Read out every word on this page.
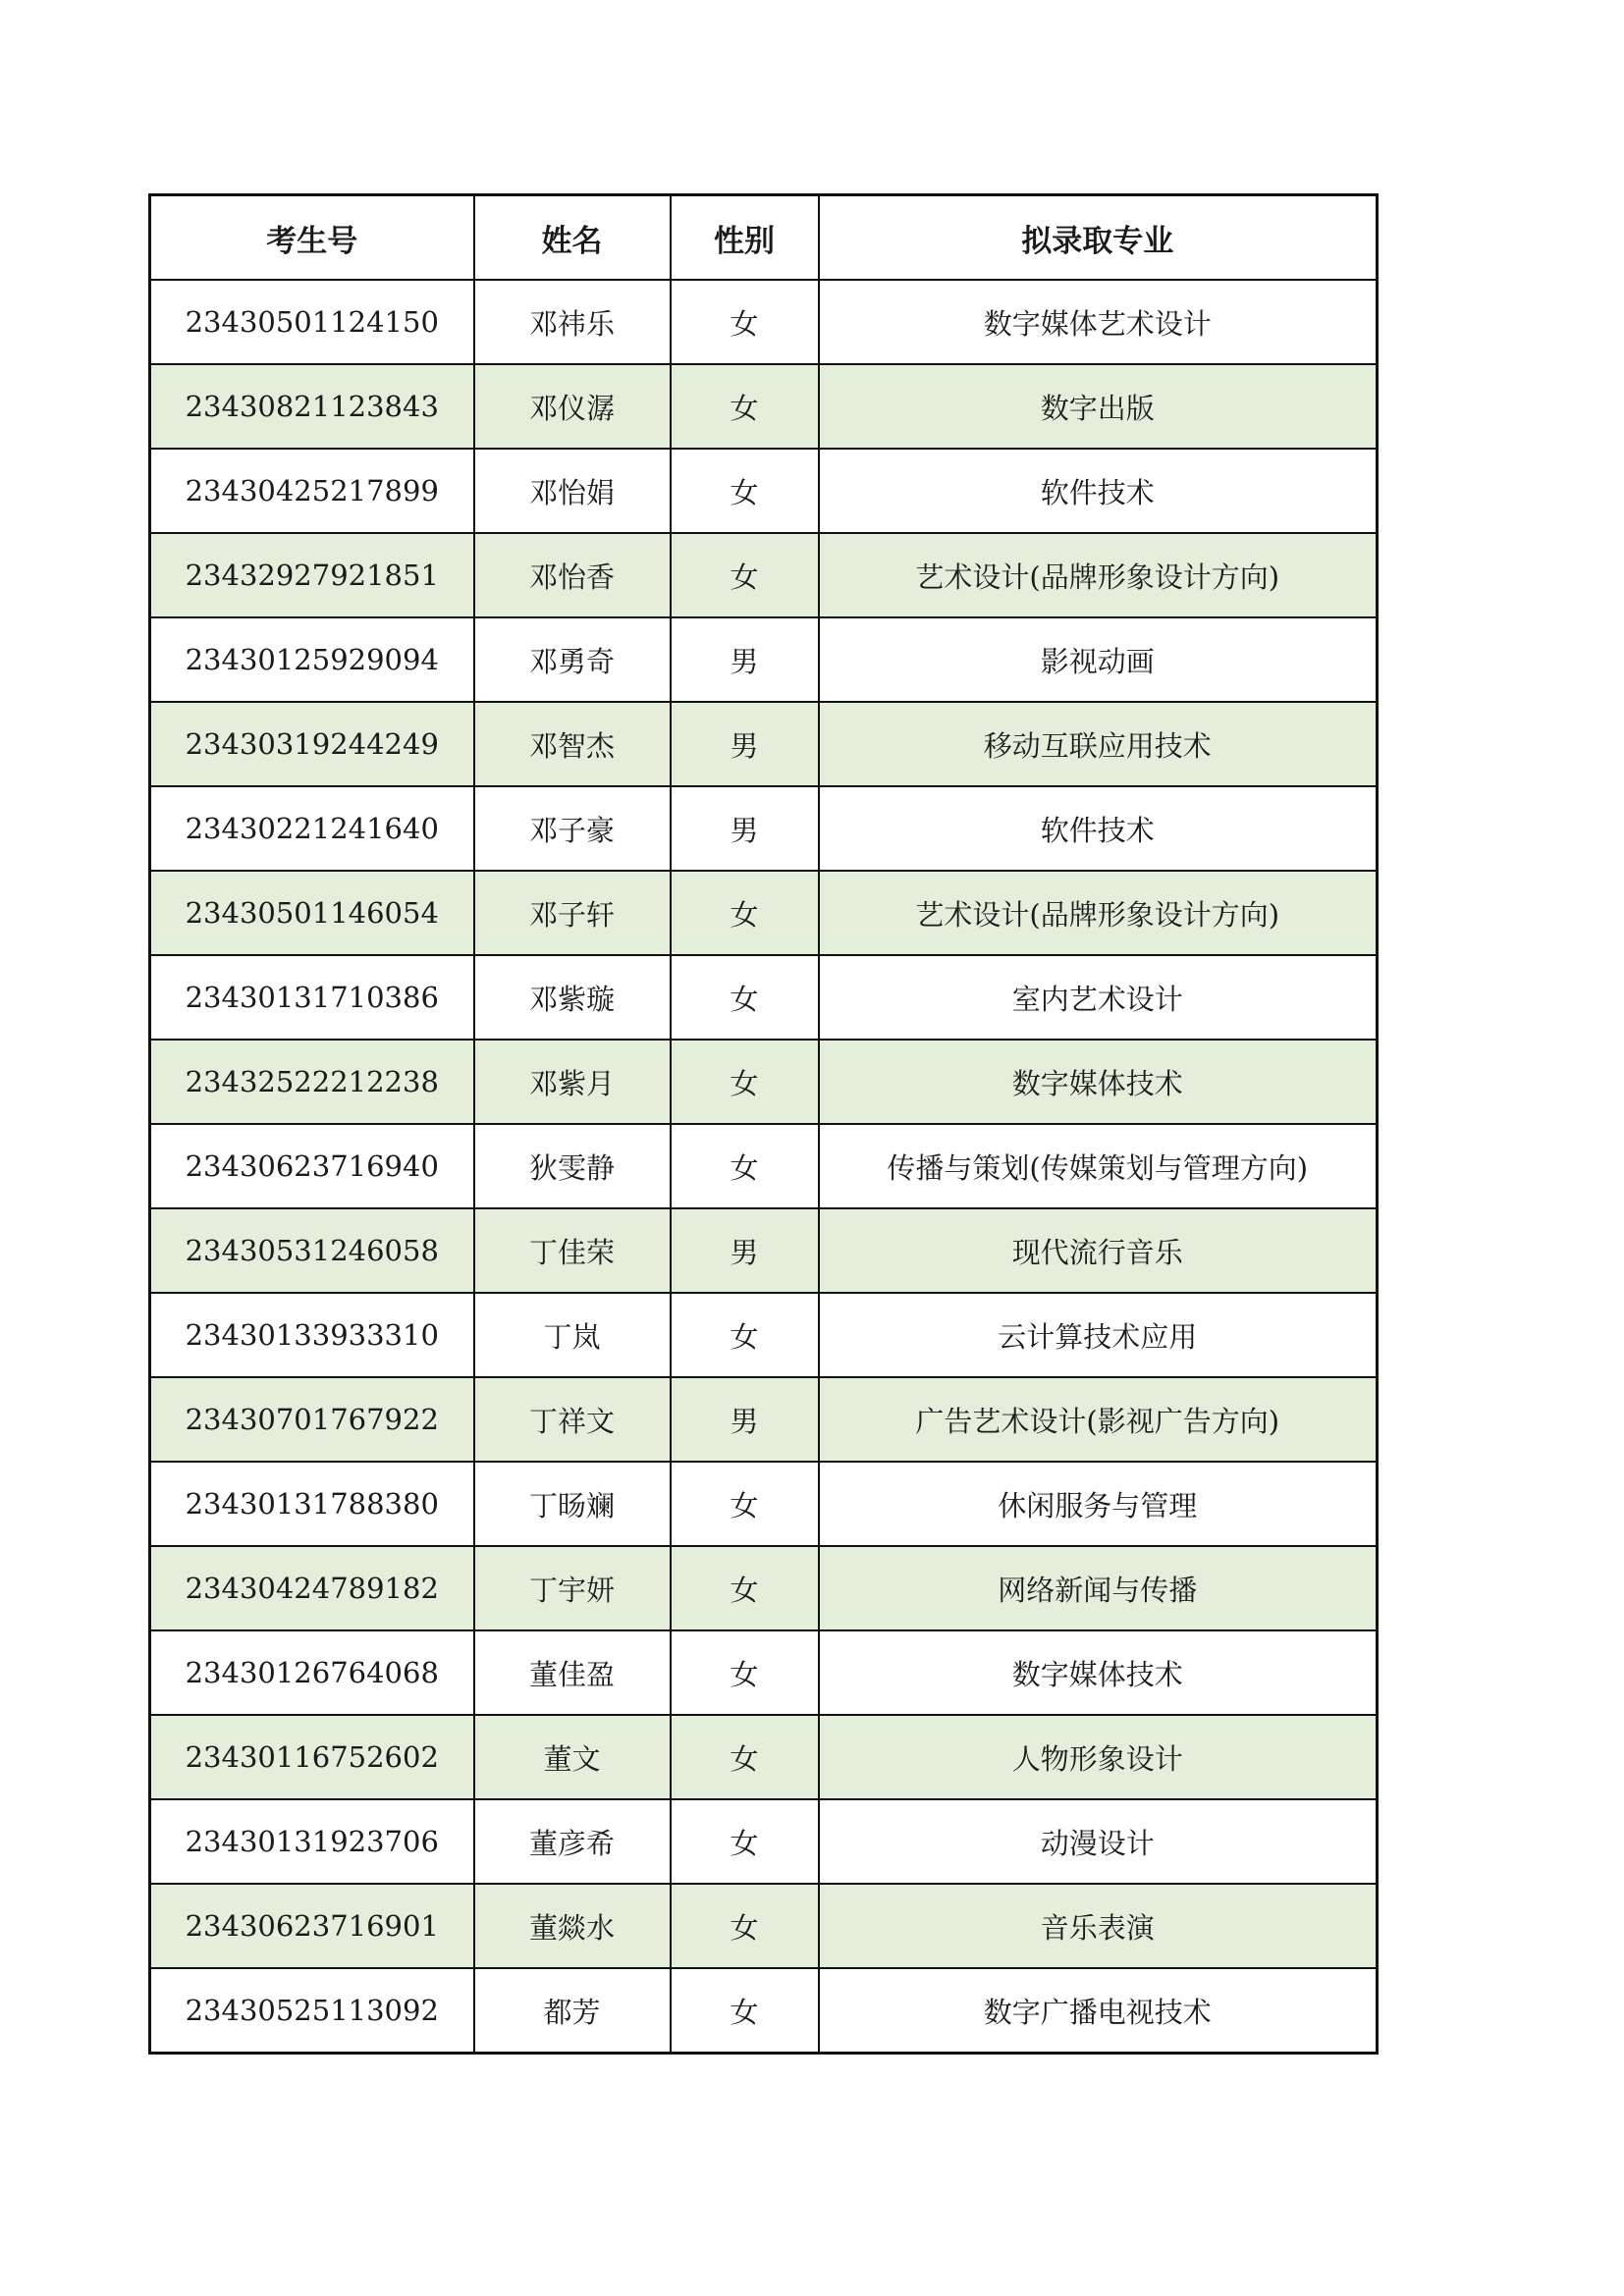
考生号	姓名	性别	拟录取专业
23430501124150	邓祎乐	女	数字媒体艺术设计
23430821123843	邓仪潺	女	数字出版
23430425217899	邓怡娟	女	软件技术
23432927921851	邓怡香	女	艺术设计(品牌形象设计方向)
23430125929094	邓勇奇	男	影视动画
23430319244249	邓智杰	男	移动互联应用技术
23430221241640	邓子豪	男	软件技术
23430501146054	邓子轩	女	艺术设计(品牌形象设计方向)
23430131710386	邓紫璇	女	室内艺术设计
23432522212238	邓紫月	女	数字媒体技术
23430623716940	狄雯静	女	传播与策划(传媒策划与管理方向)
23430531246058	丁佳荣	男	现代流行音乐
23430133933310	丁岚	女	云计算技术应用
23430701767922	丁祥文	男	广告艺术设计(影视广告方向)
23430131788380	丁旸斓	女	休闲服务与管理
23430424789182	丁宇妍	女	网络新闻与传播
23430126764068	董佳盈	女	数字媒体技术
23430116752602	董文	女	人物形象设计
23430131923706	董彦希	女	动漫设计
23430623716901	董燚水	女	音乐表演
23430525113092	都芳	女	数字广播电视技术
